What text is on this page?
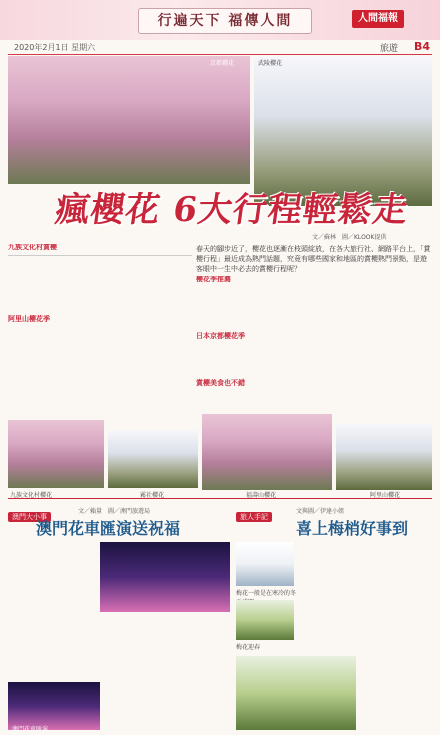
行遍天下 福傳人間	人間福報
2020年2月1日 星期六	旅遊 B4
京都櫻花	武陵櫻花
瘋櫻花 6大行程輕鬆走
文／蘇林　圖／KLOOK提供
春天的腳步近了，櫻花也逐漸在枝頭綻放，在各大旅行社、網路平台上，「賞櫻行程」最近成為熱門話題，究竟有哪些國家和地區的賞櫻熱門景點，是遊客眼中一生中必去的賞櫻行程呢？
九族文化村賞櫻
阿里山櫻花季
櫻花季推薦
日本京都櫻花季
賞櫻美食也不錯
九族文化村櫻花	霧社櫻花	福壽山櫻花	阿里山櫻花
澳門大小事
文／賴量　圖／澳門旅遊局
澳門花車匯演送祝福
澳門花車匯演
旅人手記
文與圖／伊達小姐
喜上梅梢好事到
梅花一般是在寒冷的冬
梅花迎春
